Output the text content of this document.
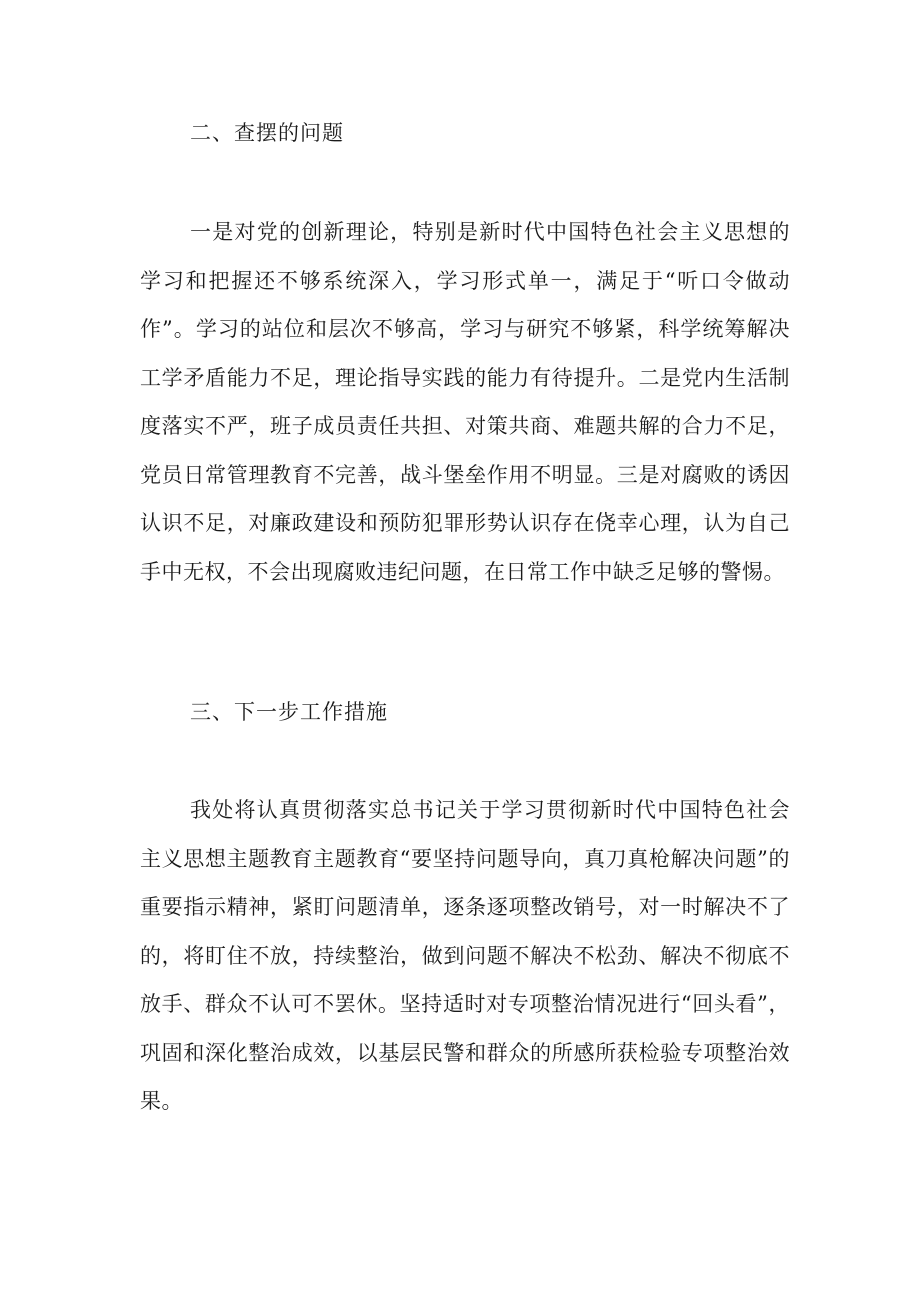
二、查摆的问题
一是对党的创新理论，特别是新时代中国特色社会主义思想的学习和把握还不够系统深入，学习形式单一，满足于“听口令做动作”。学习的站位和层次不够高，学习与研究不够紧，科学统筹解决工学矛盾能力不足，理论指导实践的能力有待提升。二是党内生活制度落实不严，班子成员责任共担、对策共商、难题共解的合力不足，党员日常管理教育不完善，战斗堡垒作用不明显。三是对腐败的诱因认识不足，对廉政建设和预防犯罪形势认识存在侥幸心理，认为自己手中无权，不会出现腐败违纪问题，在日常工作中缺乏足够的警惕。
三、下一步工作措施
我处将认真贯彻落实总书记关于学习贯彻新时代中国特色社会主义思想主题教育主题教育“要坚持问题导向，真刀真枪解决问题”的重要指示精神，紧盯问题清单，逐条逐项整改销号，对一时解决不了的，将盯住不放，持续整治，做到问题不解决不松劲、解决不彻底不放手、群众不认可不罢休。坚持适时对专项整治情况进行“回头看”，巩固和深化整治成效，以基层民警和群众的所感所获检验专项整治效果。
